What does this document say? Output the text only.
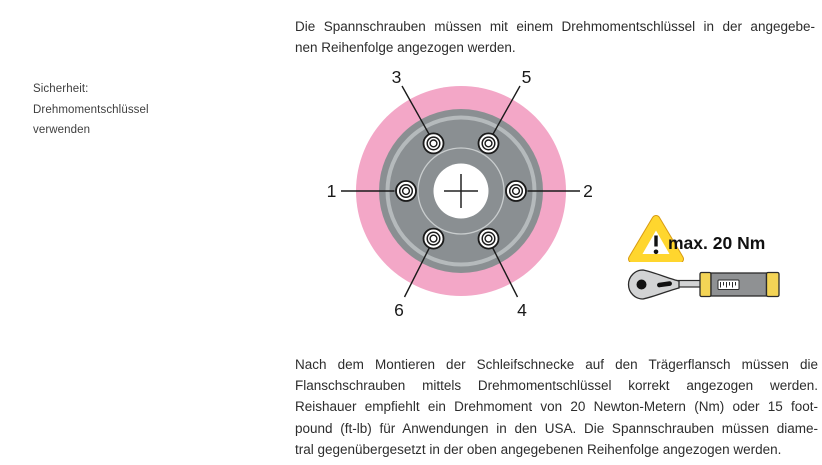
Sicherheit:
Drehmomentschlüssel
verwenden
Die Spannschrauben müssen mit einem Drehmomentschlüssel in der angegebe-
nen Reihenfolge angezogen werden.
1	2
3
4
5
6
max. 20 Nm
Nach dem Montieren der Schleifschnecke auf den Trägerflansch müssen die
Flanschschrauben mittels Drehmomentschlüssel korrekt angezogen werden.
Reishauer empfiehlt ein Drehmoment von 20 Newton-Metern (Nm) oder 15 foot-
pound (ft-lb) für Anwendungen in den USA. Die Spannschrauben müssen diame-
tral gegenübergesetzt in der oben angegebenen Reihenfolge angezogen werden.
